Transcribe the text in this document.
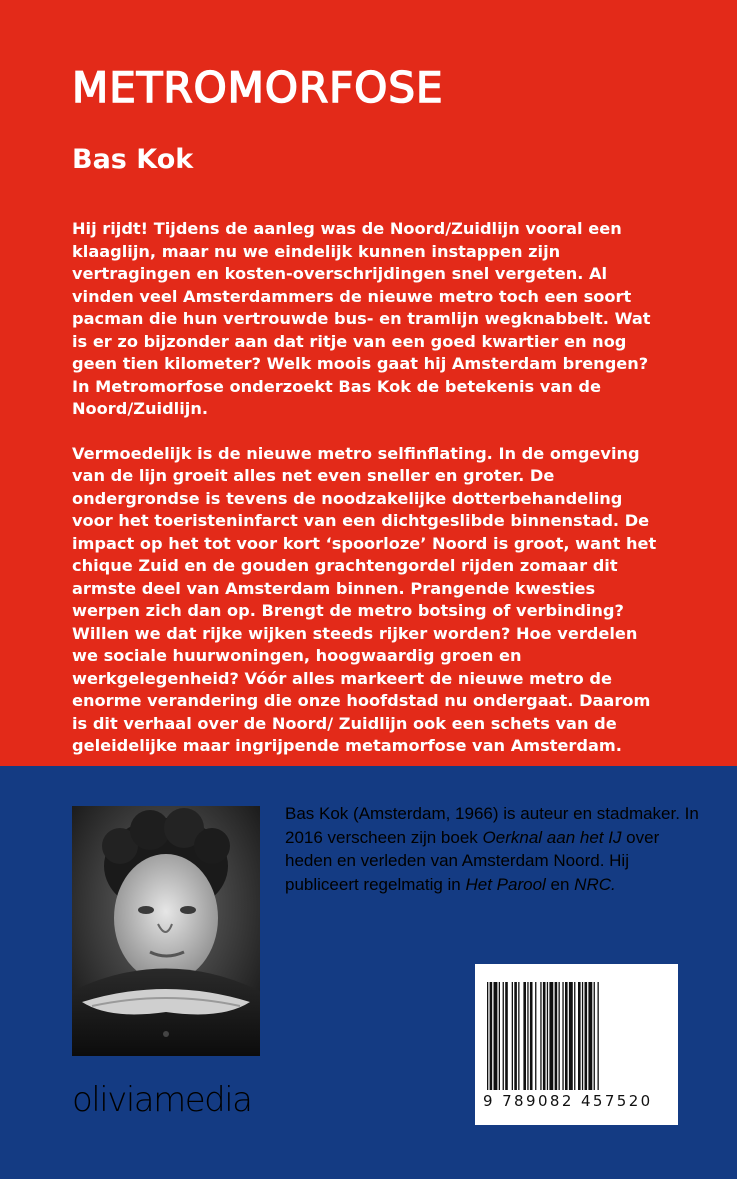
METROMORFOSE
Bas Kok

Hij rijdt! Tijdens de aanleg was de Noord/Zuidlijn vooral een klaaglijn, maar nu we eindelijk kunnen instappen zijn vertragingen en kosten-overschrijdingen snel vergeten. Al vinden veel Amsterdammers de nieuwe metro toch een soort pacman die hun vertrouwde bus- en tramlijn wegknabbelt. Wat is er zo bijzonder aan dat ritje van een goed kwartier en nog geen tien kilometer? Welk moois gaat hij Amsterdam brengen? In Metromorfose onderzoekt Bas Kok de betekenis van de Noord/Zuidlijn.

Vermoedelijk is de nieuwe metro selfinflating. In de omgeving van de lijn groeit alles net even sneller en groter. De ondergrondse is tevens de noodzakelijke dotterbehandeling voor het toeristeninfarct van een dichtgeslibde binnenstad. De impact op het tot voor kort ‘spoorloze’ Noord is groot, want het chique Zuid en de gouden grachtengordel rijden zomaar dit armste deel van Amsterdam binnen. Prangende kwesties werpen zich dan op. Brengt de metro botsing of verbinding? Willen we dat rijke wijken steeds rijker worden? Hoe verdelen we sociale huurwoningen, hoogwaardig groen en werkgelegenheid? Vóór alles markeert de nieuwe metro de enorme verandering die onze hoofdstad nu ondergaat. Daarom is dit verhaal over de Noord/ Zuidlijn ook een schets van de geleidelijke maar ingrijpende metamorfose van Amsterdam.

Bas Kok (Amsterdam, 1966) is auteur en stadmaker. In 2016 verscheen zijn boek Oerknal aan het IJ over heden en verleden van Amsterdam Noord. Hij publiceert regelmatig in Het Parool en NRC.
oliviamedia	9 789082 457520
